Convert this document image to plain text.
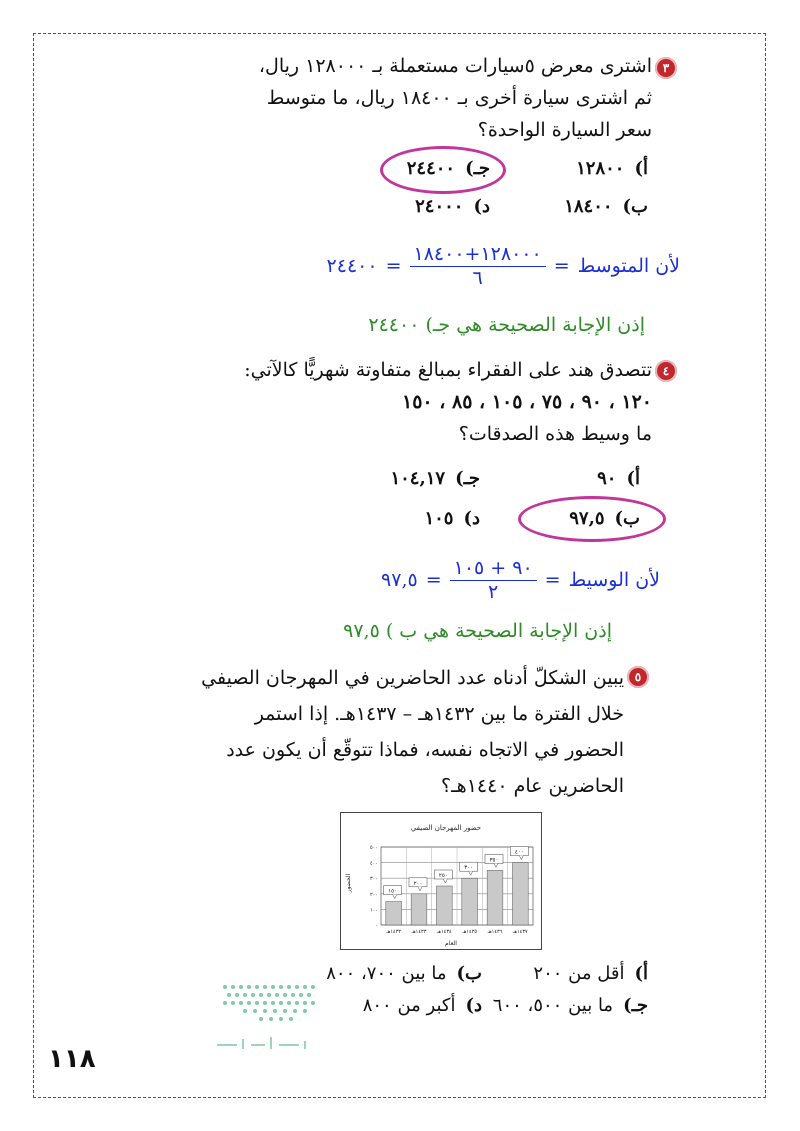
٣
اشترى معرض ٥سيارات مستعملة بـ ١٢٨٠٠٠ ريال،
ثم اشترى سيارة أخرى بـ ١٨٤٠٠ ريال، ما متوسط
سعر السيارة الواحدة؟
أ)١٢٨٠٠
جـ)٢٤٤٠٠
ب)١٨٤٠٠
د)٢٤٠٠٠
٢٤٤٠٠ = $\frac{١٢٨٠٠٠+١٨٤٠٠}{٦}$ = لأن المتوسط
إذن الإجابة الصحيحة هي جـ) ٢٤٤٠٠
٤
تتصدق هند على الفقراء بمبالغ متفاوتة شهريًّا كالآتي:
١٢٠ ، ٩٠ ، ٧٥ ، ١٠٥ ، ٨٥ ، ١٥٠
ما وسيط هذه الصدقات؟
أ)٩٠
جـ)١٠٤,١٧
ب)٩٧,٥
د)١٠٥
٩٧,٥ = $\frac{٩٠ + ١٠٥}{٢}$ = لأن الوسيط
إذن الإجابة الصحيحة هي ب ) ٩٧,٥
٥
يبين الشكلّ أدناه عدد الحاضرين في المهرجان الصيفي
خلال الفترة ما بين ١٤٣٢هـ – ١٤٣٧هـ. إذا استمر
الحضور في الاتجاه نفسه، فماذا تتوقّع أن يكون عدد
الحاضرين عام ١٤٤٠هـ؟
حضور المهرجان الصيفي
٠
١٠٠
٢٠٠
٣٠٠
٤٠٠
٥٠٠
١٤٣٢هـ ١٤٣٣هـ ١٤٣٤هـ ١٤٣٥هـ ١٤٣٦هـ ١٤٣٧هـ
١٥٠
٢٠٠
٢٥٠
٣٠٠
٣٥٠
٤٠٠
العام
الحضور
أ)أقل من ٢٠٠
ب)ما بين ٧٠٠، ٨٠٠
جـ)ما بين ٥٠٠، ٦٠٠
د)أكبر من ٨٠٠
١١٨
